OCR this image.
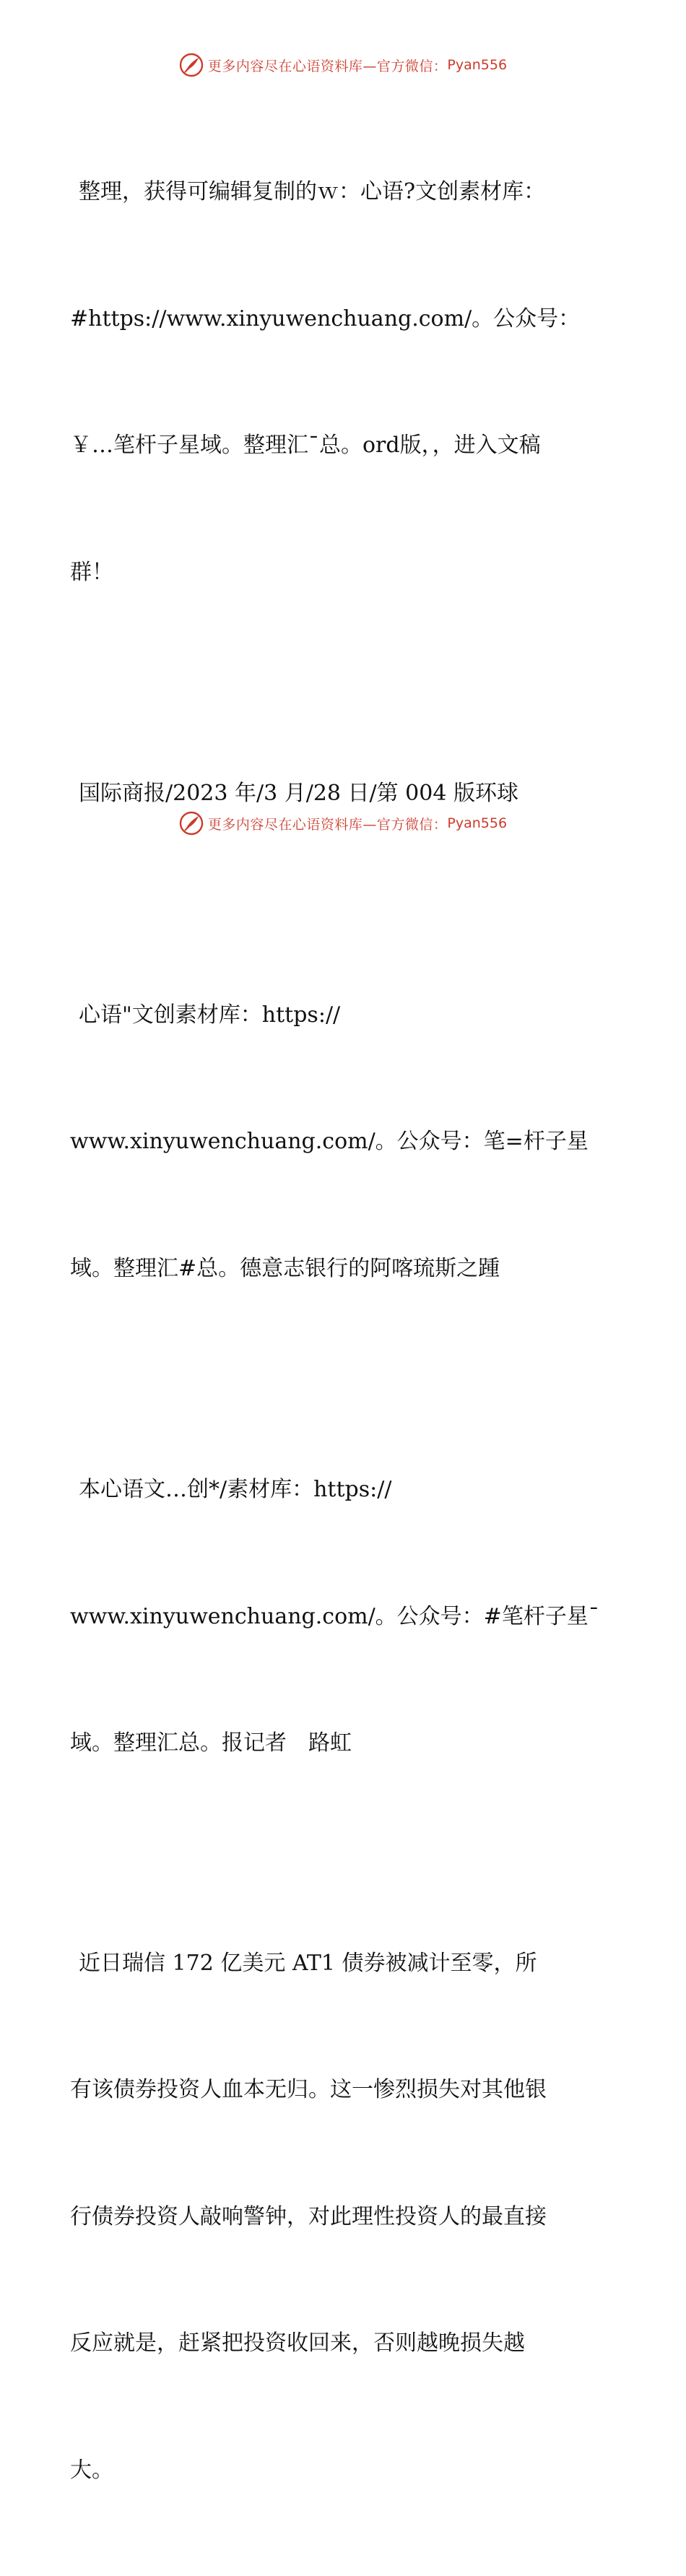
更多内容尽在心语资料库—官方微信： Pyan556

整理，获得可编辑复制的ｗ：心语?文创素材库：

#https://www.xinyuwenchuang.com/。公众号：

￥…笔杆子星域。整理汇¯总。ord版，，进入文稿

群！

国际商报/2023 年/3 月/28 日/第 004 版环球

心语"文创素材库：https://

www.xinyuwenchuang.com/。公众号：笔=杆子星

域。整理汇#总。德意志银行的阿喀琉斯之踵

本心语文…创*/素材库：https://

www.xinyuwenchuang.com/。公众号：#笔杆子星¯

域。整理汇总。报记者　路虹

近日瑞信 172 亿美元 AT1 债券被减计至零，所

有该债券投资人血本无归。这一惨烈损失对其他银

行债券投资人敲响警钟，对此理性投资人的最直接

反应就是，赶紧把投资收回来，否则越晚损失越

大。

更多内容尽在心语资料库—官方微信： Pyan556
